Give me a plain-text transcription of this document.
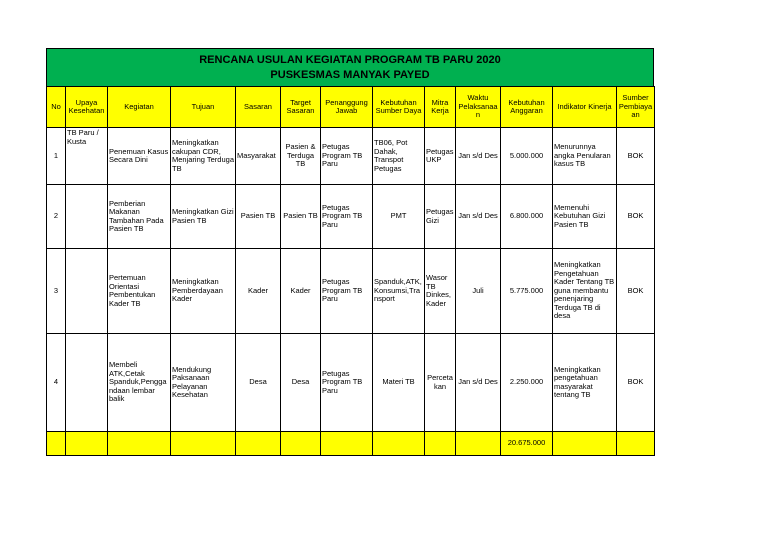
RENCANA USULAN KEGIATAN PROGRAM TB PARU 2020
PUSKESMAS MANYAK PAYED
No	Upaya Kesehatan	Kegiatan	Tujuan	Sasaran	Target Sasaran	Penanggung Jawab	Kebutuhan Sumber Daya	Mitra Kerja	Waktu Pelaksanaan	Kebutuhan Anggaran	Indikator Kinerja	Sumber Pembiayaan
1	TB Paru / Kusta	Penemuan Kasus Secara Dini	Meningkatkan cakupan CDR, Menjaring Terduga TB	Masyarakat	Pasien & Terduga TB	Petugas Program TB Paru	TB06, Pot Dahak, Transpot Petugas	Petugas UKP	Jan s/d Des	5.000.000	Menurunnya angka Penularan kasus TB	BOK
2		Pemberian Makanan Tambahan Pada Pasien TB	Meningkatkan Gizi Pasien TB	Pasien TB	Pasien TB	Petugas Program TB Paru	PMT	Petugas Gizi	Jan s/d Des	6.800.000	Memenuhi Kebutuhan Gizi Pasien TB	BOK
3		Pertemuan Orientasi Pembentukan Kader TB	Meningkatkan Pemberdayaan Kader	Kader	Kader	Petugas Program TB Paru	Spanduk,ATK,Konsumsi,Transport	Wasor TB Dinkes, Kader	Juli	5.775.000	Meningkatkan Pengetahuan Kader Tentang TB guna membantu penenjaring Terduga TB di desa	BOK
4		Membeli ATK,Cetak Spanduk,Penggandaan lembar balik	Mendukung Paksanaan Pelayanan Kesehatan	Desa	Desa	Petugas Program TB Paru	Materi TB	Percetakan	Jan s/d Des	2.250.000	Meningkatkan pengetahuan masyarakat tentang TB	BOK
										20.675.000		
